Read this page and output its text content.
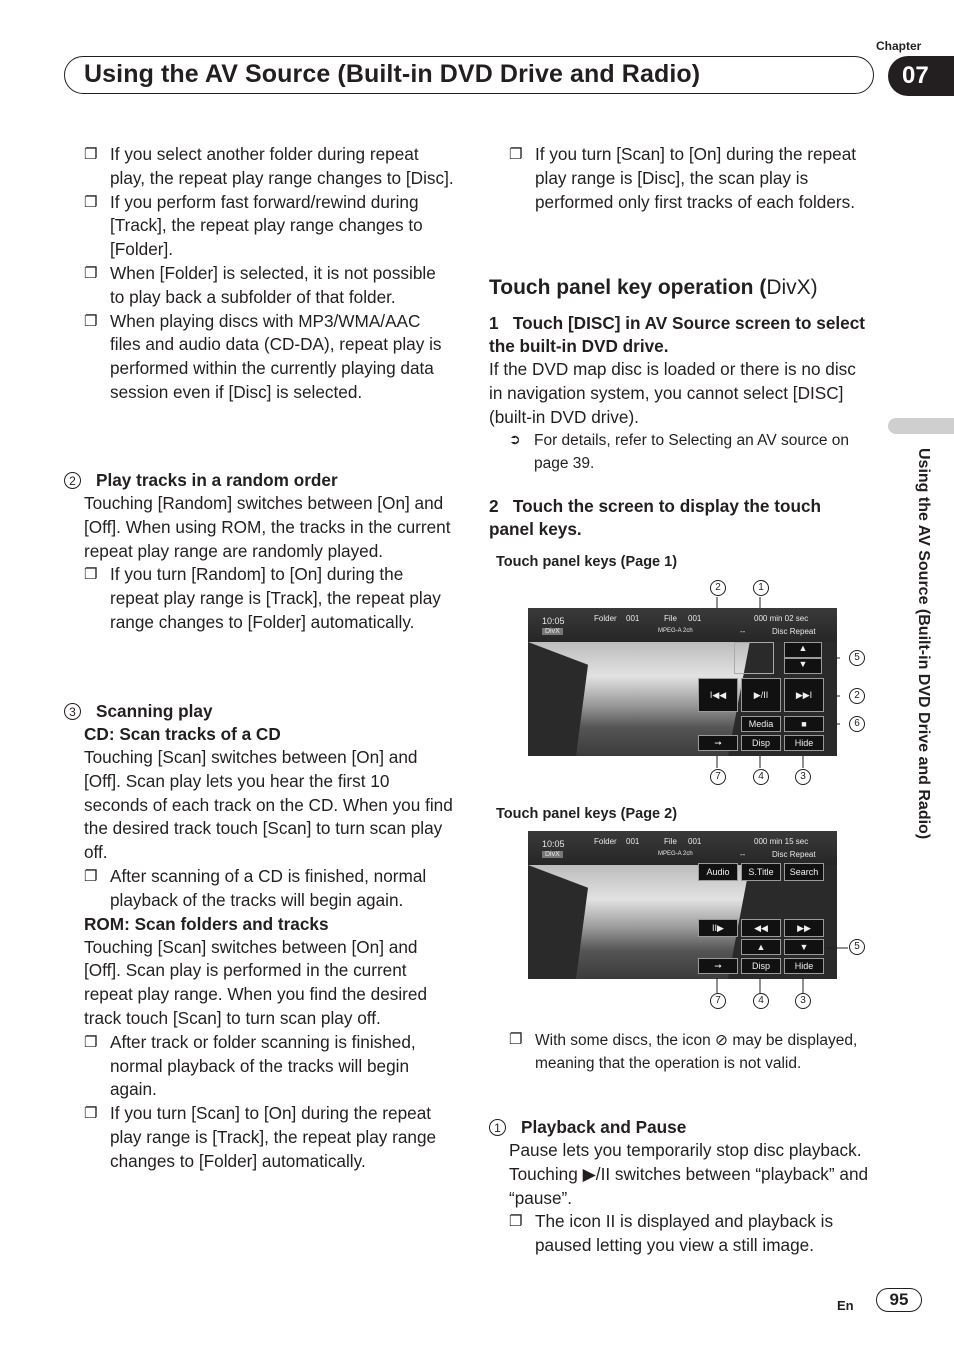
Using the AV Source (Built-in DVD Drive and Radio)
Chapter
07
Using the AV Source (Built-in DVD Drive and Radio)
❐ If you select another folder during repeat play, the repeat play range changes to [Disc].
❐ If you perform fast forward/rewind during [Track], the repeat play range changes to [Folder].
❐ When [Folder] is selected, it is not possible to play back a subfolder of that folder.
❐ When playing discs with MP3/WMA/AAC files and audio data (CD-DA), repeat play is performed within the currently playing data session even if [Disc] is selected.
2 Play tracks in a random order
Touching [Random] switches between [On] and [Off]. When using ROM, the tracks in the current repeat play range are randomly played.
❐ If you turn [Random] to [On] during the repeat play range is [Track], the repeat play range changes to [Folder] automatically.
3 Scanning play
CD: Scan tracks of a CD
Touching [Scan] switches between [On] and [Off]. Scan play lets you hear the first 10 seconds of each track on the CD. When you find the desired track touch [Scan] to turn scan play off.
❐ After scanning of a CD is finished, normal playback of the tracks will begin again.
ROM: Scan folders and tracks
Touching [Scan] switches between [On] and [Off]. Scan play is performed in the current repeat play range. When you find the desired track touch [Scan] to turn scan play off.
❐ After track or folder scanning is finished, normal playback of the tracks will begin again.
❐ If you turn [Scan] to [On] during the repeat play range is [Track], the repeat play range changes to [Folder] automatically.
❐ If you turn [Scan] to [On] during the repeat play range is [Disc], the scan play is performed only first tracks of each folders.
Touch panel key operation (DivX)
1 Touch [DISC] in AV Source screen to select the built-in DVD drive.
If the DVD map disc is loaded or there is no disc in navigation system, you cannot select [DISC] (built-in DVD drive).
➲ For details, refer to Selecting an AV source on page 39.
2 Touch the screen to display the touch panel keys.
Touch panel keys (Page 1)
2	1
5
2
6
7	4	3
10:05
DivX
Folder 001	File 001	000 min 02 sec
MPEG-A 2ch	--	Disc Repeat
▲
▼
I◀◀	▶/II	▶▶I
Media	■
➞	Disp	Hide
Touch panel keys (Page 2)
10:05
DivX
Folder 001	File 001	000 min 15 sec
MPEG-A 2ch	--	Disc Repeat
Audio	S.Title	Search
II▶	◀◀	▶▶
▲	▼
➞	Disp	Hide
5
7	4	3
❐ With some discs, the icon ⊘ may be displayed, meaning that the operation is not valid.
1 Playback and Pause
Pause lets you temporarily stop disc playback. Touching ▶/II switches between “playback” and “pause”.
❐ The icon II is displayed and playback is paused letting you view a still image.
En	95
